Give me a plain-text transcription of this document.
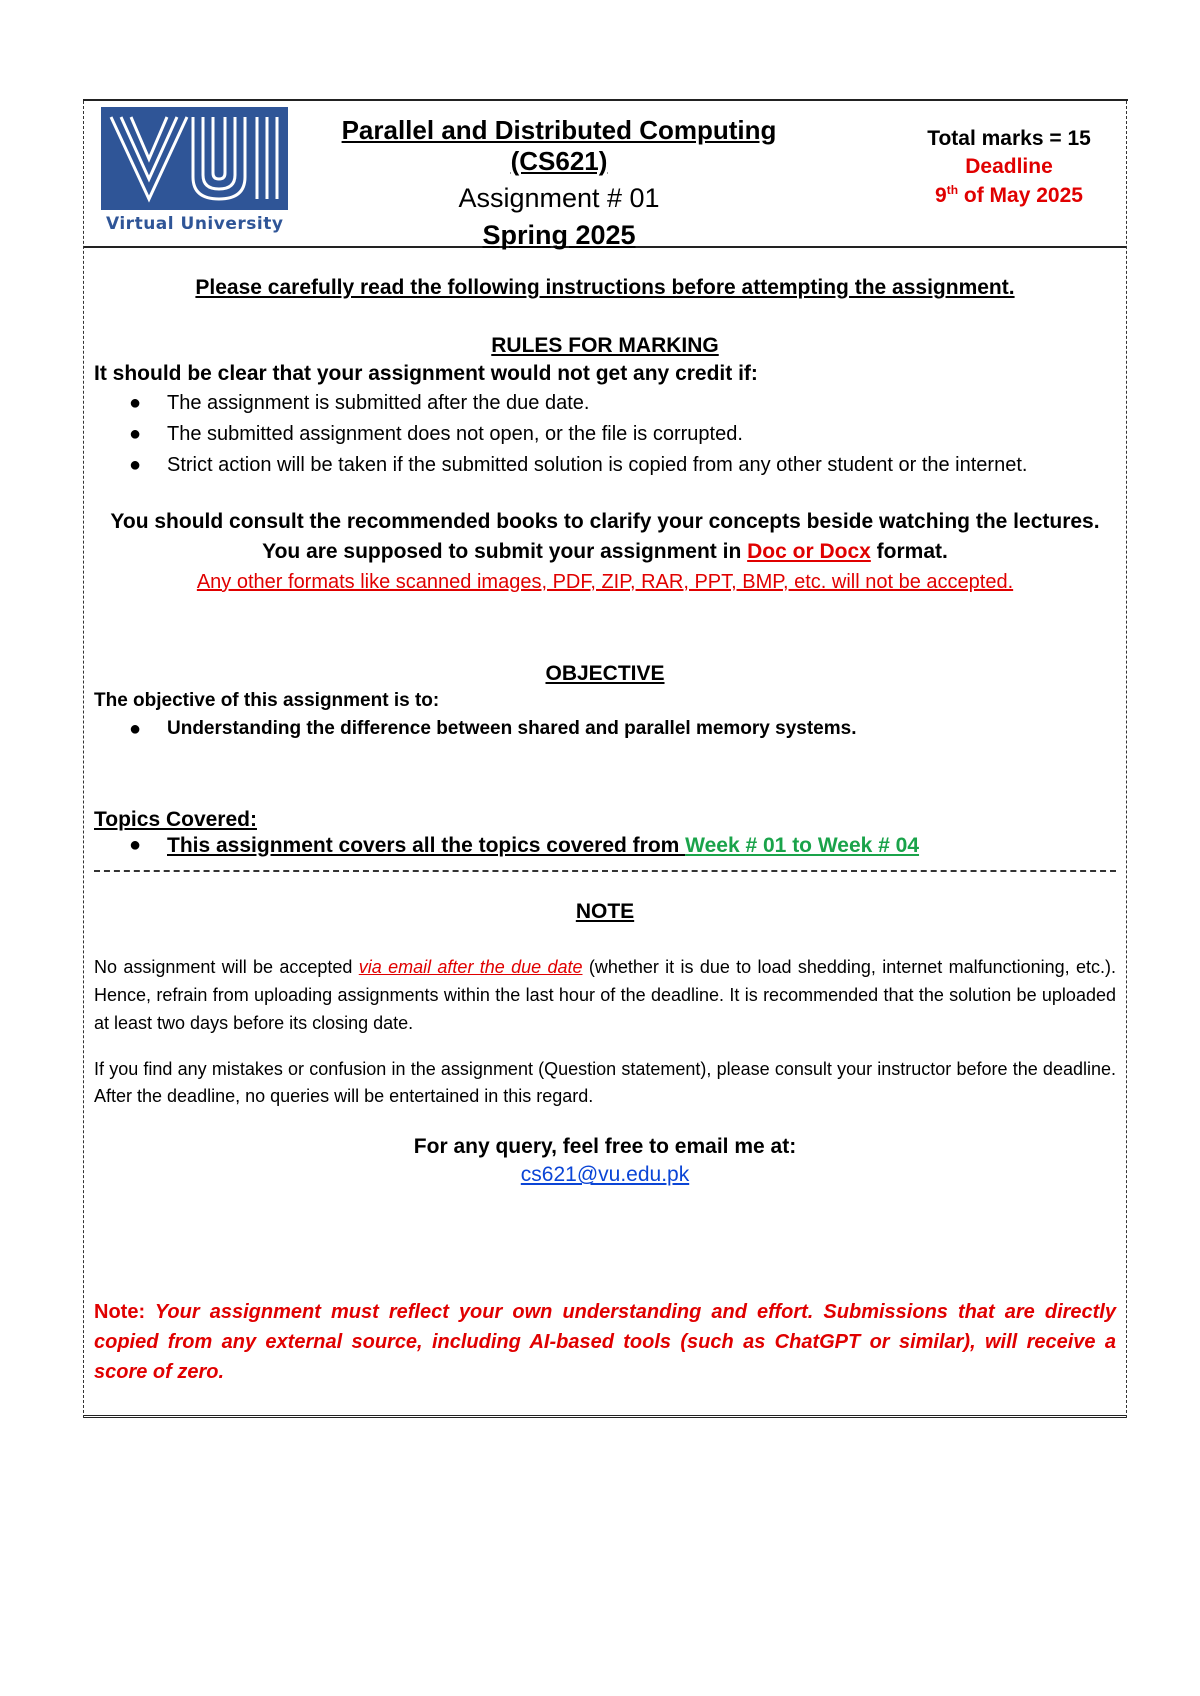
Virtual University
Parallel and Distributed Computing (CS621)
Assignment # 01
Spring 2025
Total marks = 15
Deadline
9th of May 2025
Please carefully read the following instructions before attempting the assignment.
RULES FOR MARKING
It should be clear that your assignment would not get any credit if:
● The assignment is submitted after the due date.
● The submitted assignment does not open, or the file is corrupted.
● Strict action will be taken if the submitted solution is copied from any other student or the internet.
You should consult the recommended books to clarify your concepts beside watching the lectures.
You are supposed to submit your assignment in Doc or Docx format.
Any other formats like scanned images, PDF, ZIP, RAR, PPT, BMP, etc. will not be accepted.
OBJECTIVE
The objective of this assignment is to:
● Understanding the difference between shared and parallel memory systems.
Topics Covered:
● This assignment covers all the topics covered from Week # 01 to Week # 04
NOTE
No assignment will be accepted via email after the due date (whether it is due to load shedding, internet malfunctioning, etc.). Hence, refrain from uploading assignments within the last hour of the deadline. It is recommended that the solution be uploaded at least two days before its closing date.
If you find any mistakes or confusion in the assignment (Question statement), please consult your instructor before the deadline. After the deadline, no queries will be entertained in this regard.
For any query, feel free to email me at:
cs621@vu.edu.pk
Note: Your assignment must reflect your own understanding and effort. Submissions that are directly copied from any external source, including AI-based tools (such as ChatGPT or similar), will receive a score of zero.
